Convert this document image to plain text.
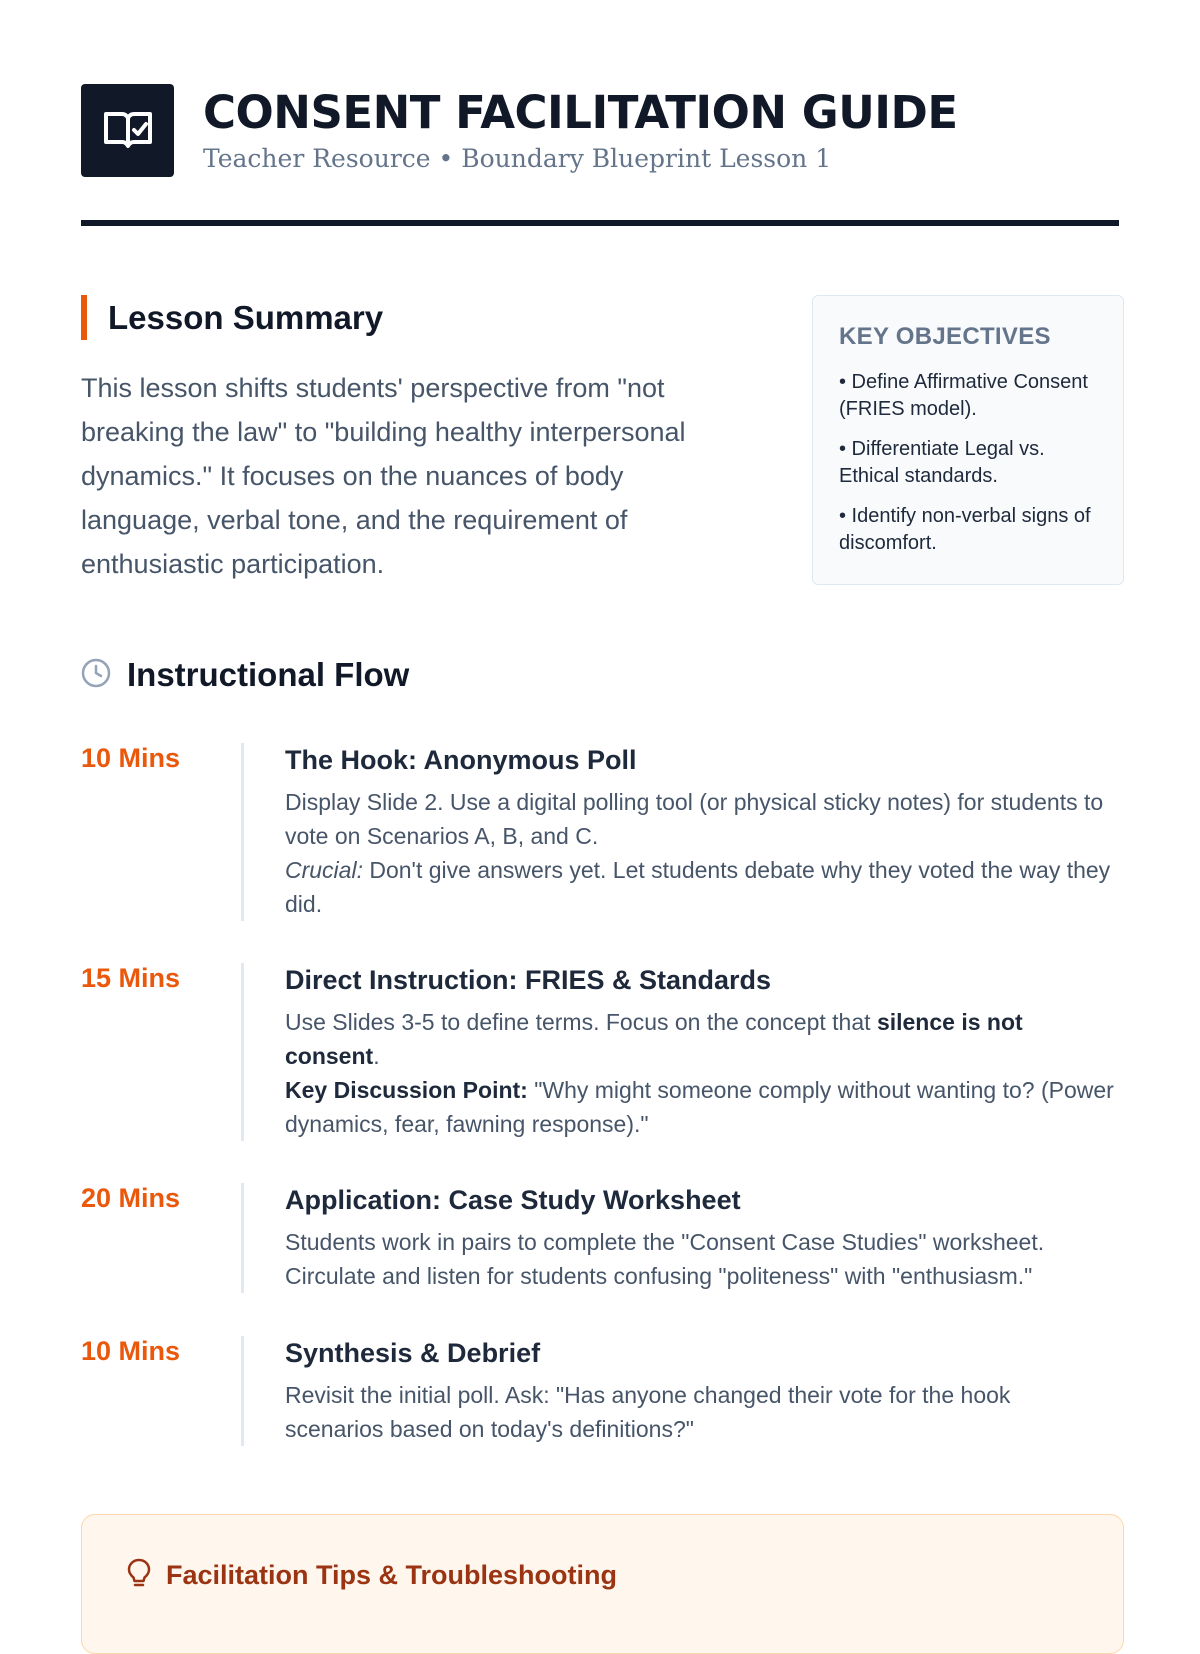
CONSENT FACILITATION GUIDE
Teacher Resource • Boundary Blueprint Lesson 1
Lesson Summary
This lesson shifts students' perspective from "not breaking the law" to "building healthy interpersonal dynamics." It focuses on the nuances of body language, verbal tone, and the requirement of enthusiastic participation.
KEY OBJECTIVES
• Define Affirmative Consent (FRIES model).
• Differentiate Legal vs. Ethical standards.
• Identify non-verbal signs of discomfort.
Instructional Flow
10 Mins	The Hook: Anonymous Poll
Display Slide 2. Use a digital polling tool (or physical sticky notes) for students to vote on Scenarios A, B, and C.
Crucial: Don't give answers yet. Let students debate why they voted the way they did.
15 Mins	Direct Instruction: FRIES & Standards
Use Slides 3-5 to define terms. Focus on the concept that silence is not consent.
Key Discussion Point: "Why might someone comply without wanting to? (Power dynamics, fear, fawning response)."
20 Mins	Application: Case Study Worksheet
Students work in pairs to complete the "Consent Case Studies" worksheet. Circulate and listen for students confusing "politeness" with "enthusiasm."
10 Mins	Synthesis & Debrief
Revisit the initial poll. Ask: "Has anyone changed their vote for the hook scenarios based on today's definitions?"
Facilitation Tips & Troubleshooting
